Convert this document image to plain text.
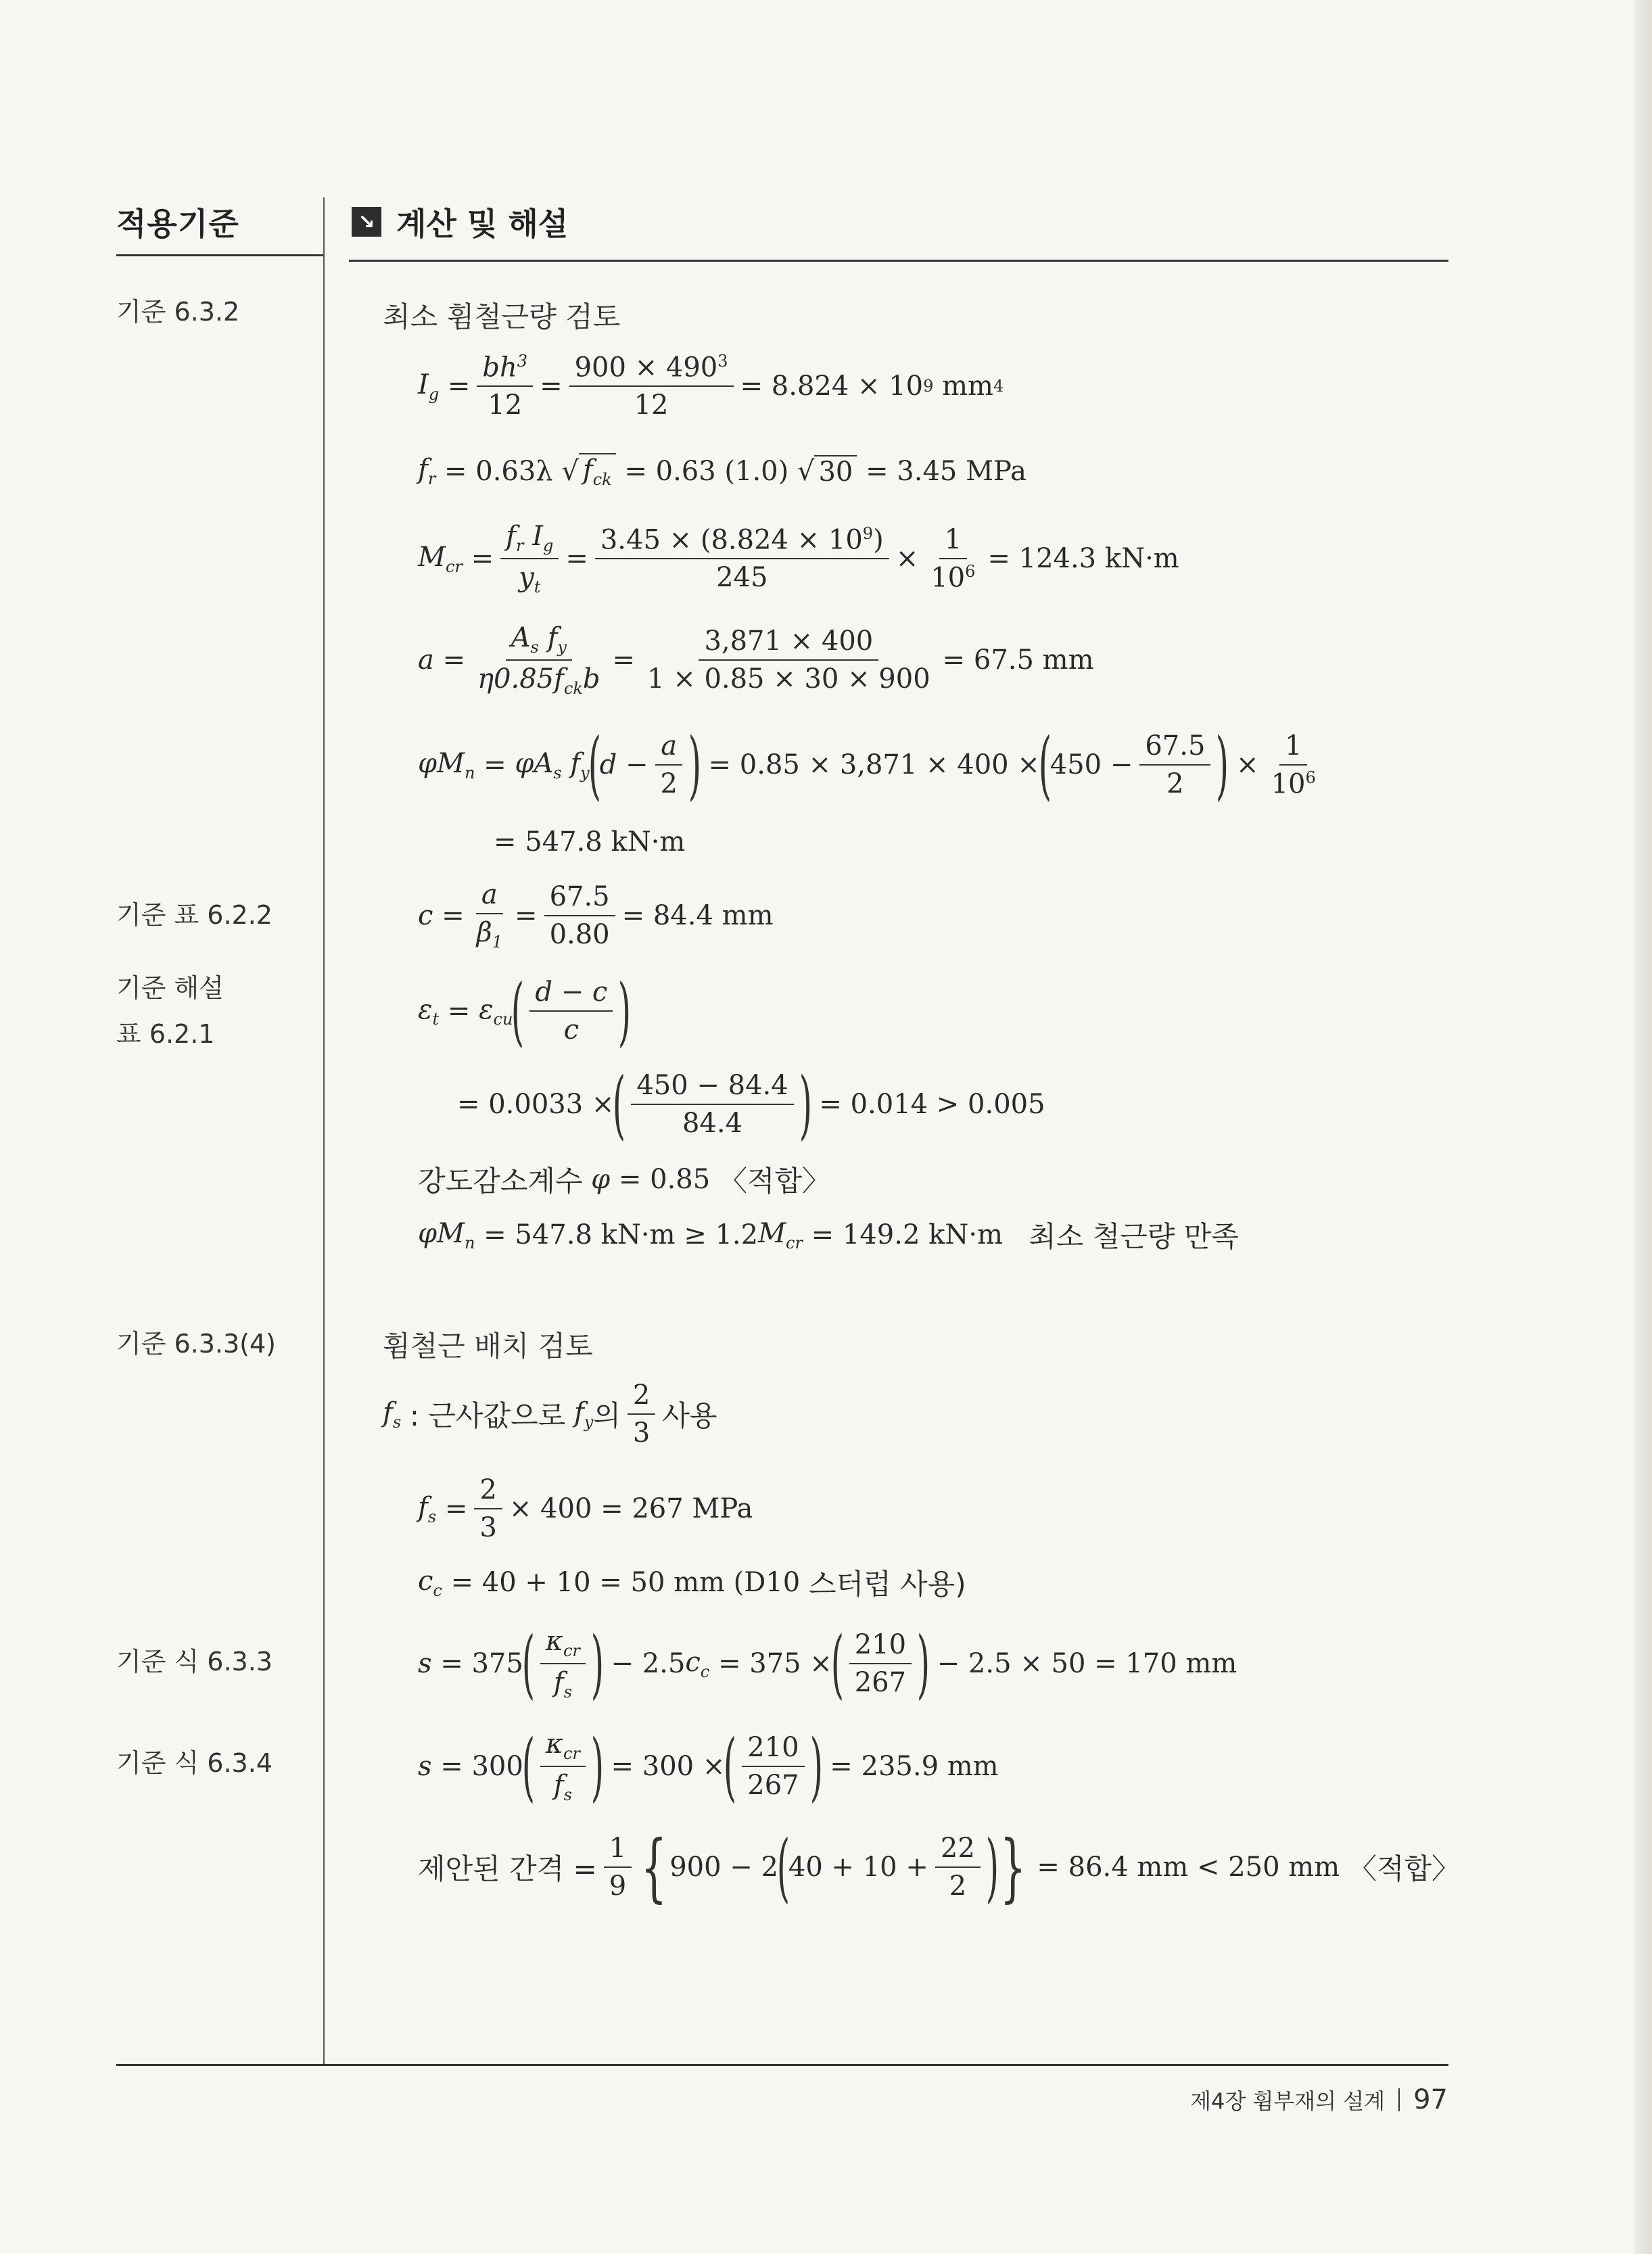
적용기준	↘ 계산 및 해설
기준 6.3.2
기준 표 6.2.2
기준 해설
표 6.2.1
기준 6.3.3(4)
기준 식 6.3.3
기준 식 6.3.4
최소 휨철근량 검토
$I_g = \frac{bh^3}{12} = \frac{900 \times 490^3}{12} = 8.824 \times 10$ 9
mm 4
$f_r$
= 0.63λ √ $f_{ck}$
= 0.63 (1.0) √ 30
= 3.45 MPa
$M_{cr} = \frac{f_r I_g}{y_t} = \frac{3.45 \times (8.824 \times 10^9)}{245} \times \frac{1}{10^6} = 124.3$ kN·m
$a = \frac{A_s f_y}{\eta 0.85f_{ck}b} = \frac{3,871 \times 400}{1 \times 0.85 \times 30 \times 900} = 67.5$ mm
$\varphi M_n = \varphi A_s$ $f_y$
(
$d - \frac{a}{2}$ )
= 0.85 × 3,871 × 400 ×
(
$450 - \frac{67.5}{2}$ )
× $\frac{1}{10^6}$
= 547.8 kN·m
$c = \frac{a}{\beta_1} = \frac{67.5}{0.80} = 84.4$ mm
$\varepsilon_t = \varepsilon_{cu}$
( $\frac{d - c}{c}$ )
= 0.0033 ×
( $\frac{450 - 84.4}{84.4}$ )
= 0.014 > 0.005
강도감소계수
φ
= 0.85
〈적합〉
$\varphi M_n$
= 547.8 kN·m ≥ 1.2 $M_{cr}$
= 149.2 kN·m
최소 철근량 만족
휨철근 배치 검토
$f_s$
: 근사값으로
$f_y$ 의 $\frac{2}{3}$ 사용
$f_s = \frac{2}{3} \times 400 = 267$ MPa
$c_c$
= 40 + 10 = 50 mm (D10
스터럽 사용)
s
= 375
( $\frac{\kappa_{cr}}{f_s}$ )
− 2.5 $c_c$
= 375 ×
( $\frac{210}{267}$ )
− 2.5 × 50 = 170 mm
s
= 300
( $\frac{\kappa_{cr}}{f_s}$ )
= 300 ×
( $\frac{210}{267}$ )
= 235.9 mm
제안된 간격 = $\frac{1}{9}$ { 900 − 2
(
$40 + 10 + \frac{22}{2}$ ) }
= 86.4 mm < 250 mm
〈적합〉
제4장 휨부재의 설계 97
